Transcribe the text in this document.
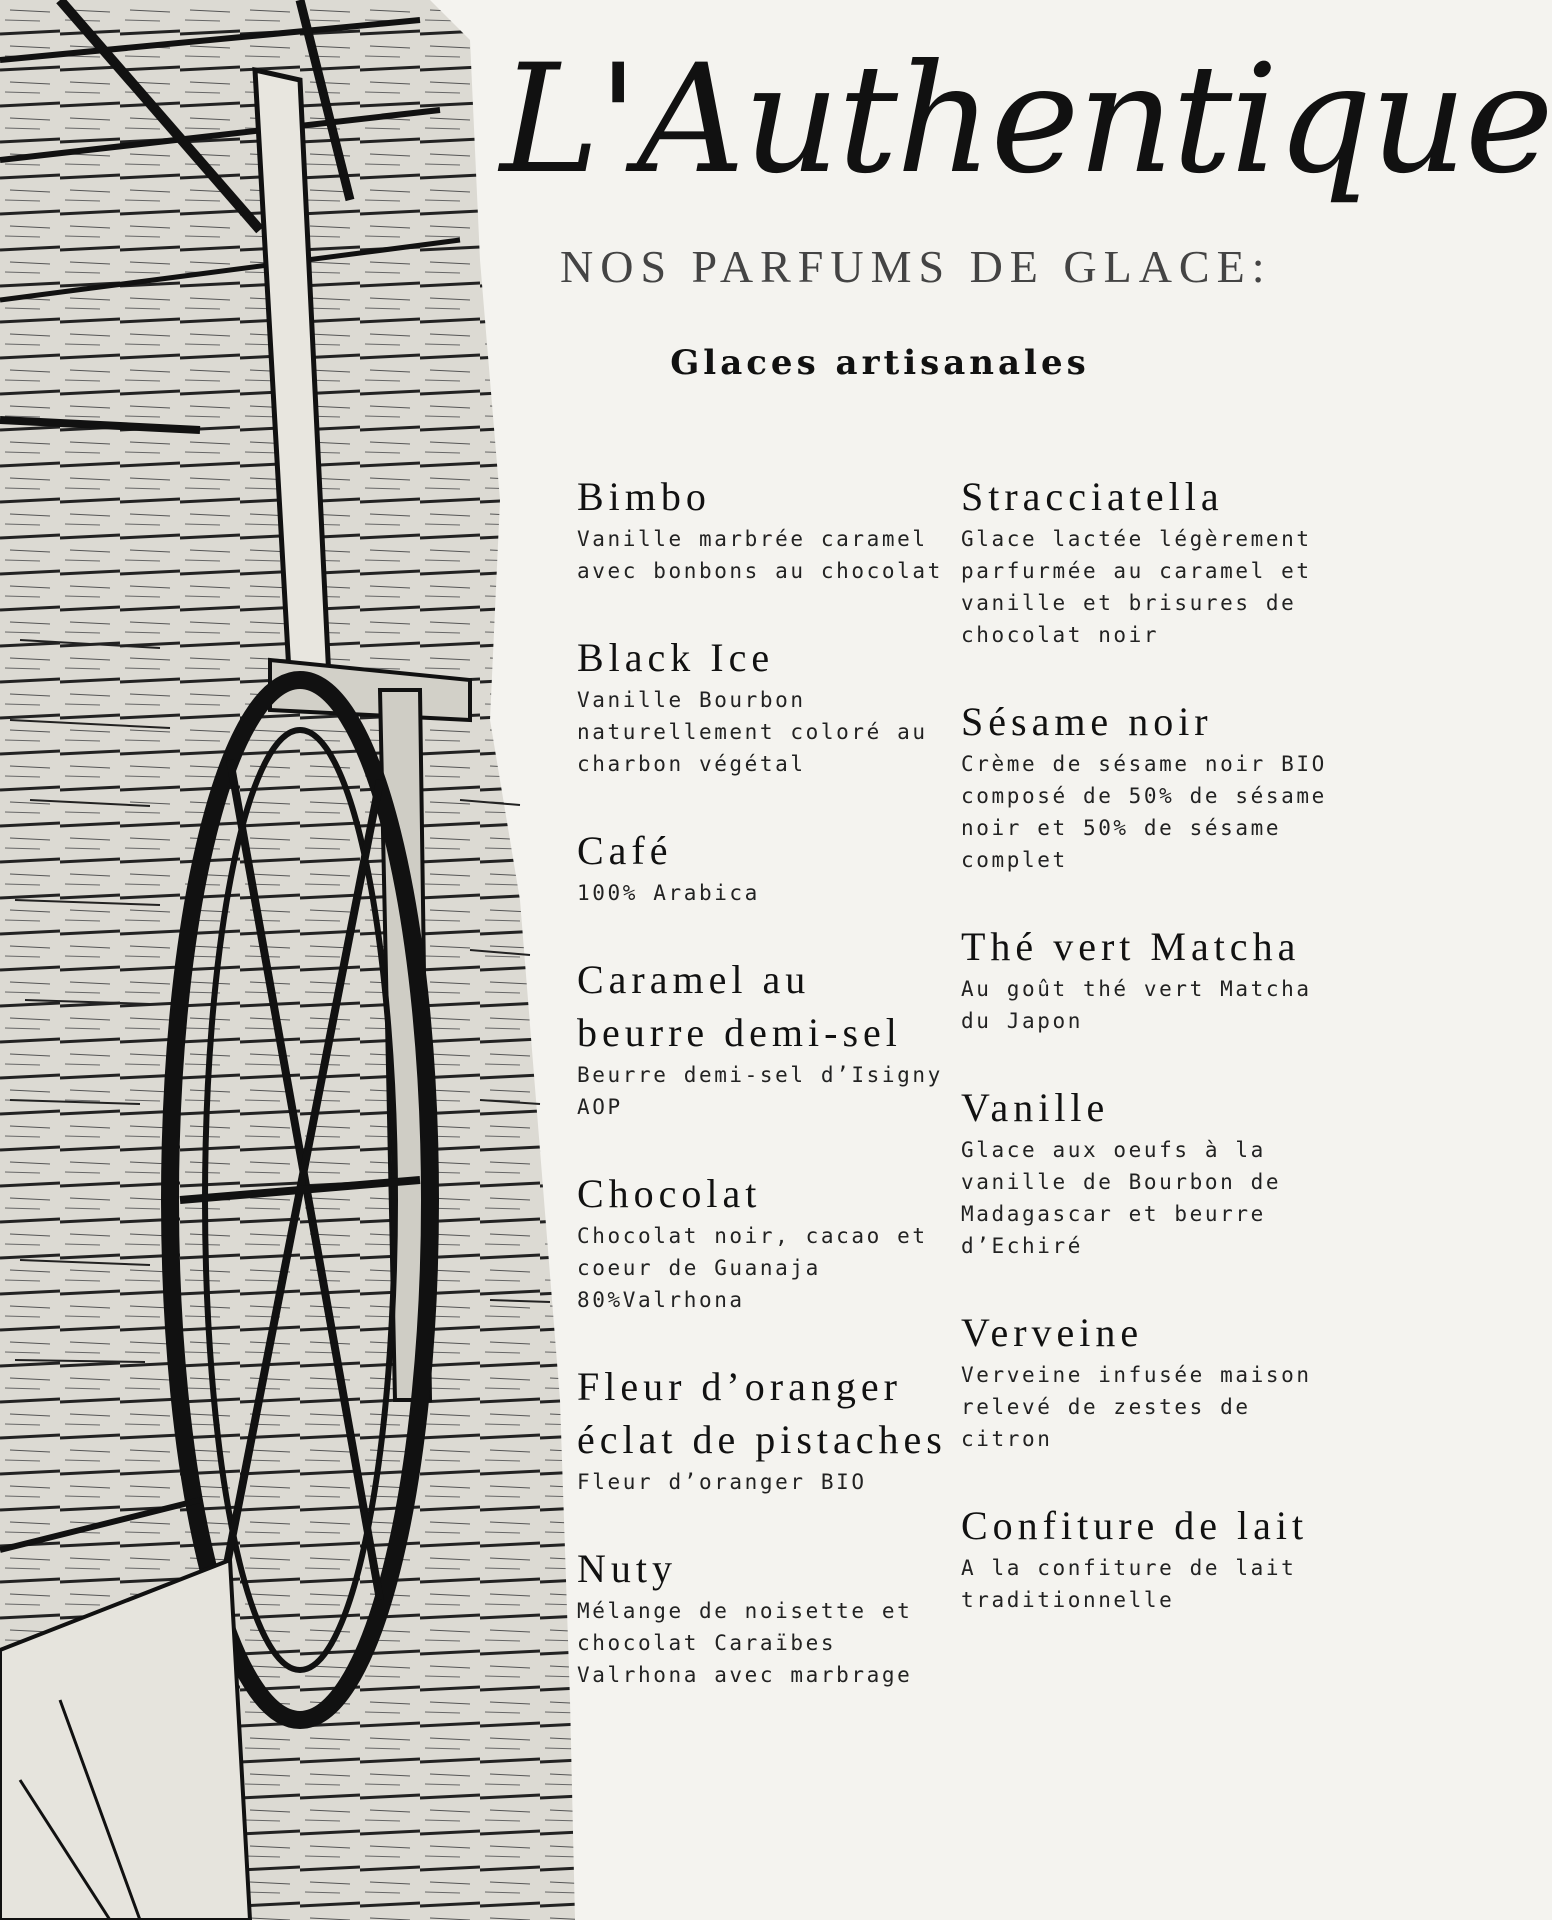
L'Authentique
NOS PARFUMS DE GLACE:
Glaces artisanales
Bimbo
Vanille marbrée caramel avec bonbons au chocolat
Black Ice
Vanille Bourbon naturellement coloré au charbon végétal
Café
100% Arabica
Caramel au beurre demi-sel
Beurre demi-sel d’Isigny AOP
Chocolat
Chocolat noir, cacao et coeur de Guanaja 80%Valrhona
Fleur d’oranger éclat de pistaches
Fleur d’oranger BIO
Nuty
Mélange de noisette et chocolat Caraïbes Valrhona avec marbrage
Stracciatella
Glace lactée légèrement parfurmée au caramel et vanille et brisures de chocolat noir
Sésame noir
Crème de sésame noir BIO composé de 50% de sésame noir et 50% de sésame complet
Thé vert Matcha
Au goût thé vert Matcha du Japon
Vanille
Glace aux oeufs à la vanille de Bourbon de Madagascar et beurre d’Echiré
Verveine
Verveine infusée maison relevé de zestes de citron
Confiture de lait
A la confiture de lait traditionnelle
